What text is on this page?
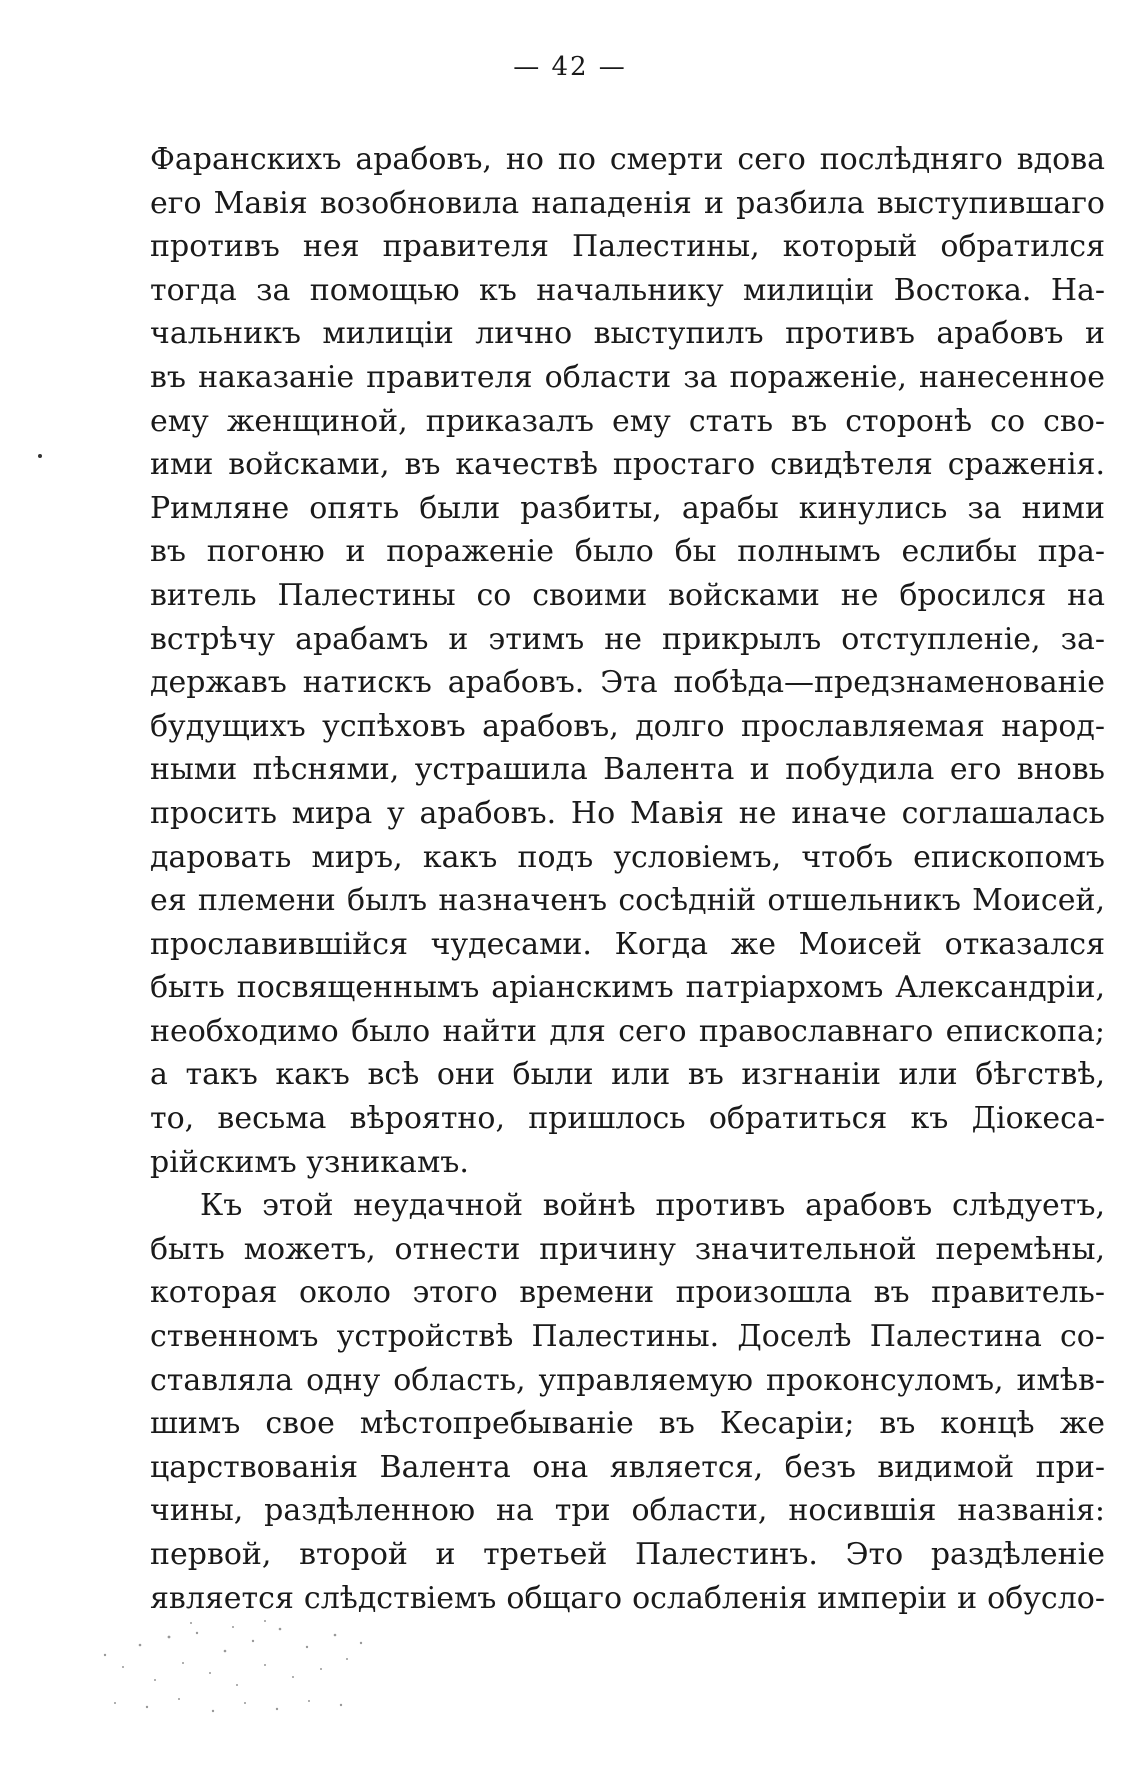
— 42 —
Фаранскихъ арабовъ, но по смерти сего послѣдняго вдова
его Мавія возобновила нападенія и разбила выступившаго
противъ нея правителя Палестины, который обратился
тогда за помощью къ начальнику милиціи Востока. На-
чальникъ милиціи лично выступилъ противъ арабовъ и
въ наказаніе правителя области за пораженіе, нанесенное
ему женщиной, приказалъ ему стать въ сторонѣ со сво-
ими войсками, въ качествѣ простаго свидѣтеля сраженія.
Римляне опять были разбиты, арабы кинулись за ними
въ погоню и пораженіе было бы полнымъ еслибы пра-
витель Палестины со своими войсками не бросился на
встрѣчу арабамъ и этимъ не прикрылъ отступленіе, за-
державъ натискъ арабовъ. Эта побѣда—предзнаменованіе
будущихъ успѣховъ арабовъ, долго прославляемая народ-
ными пѣснями, устрашила Валента и побудила его вновь
просить мира у арабовъ. Но Мавія не иначе соглашалась
даровать миръ, какъ подъ условіемъ, чтобъ епископомъ
ея племени былъ назначенъ сосѣдній отшельникъ Моисей,
прославившійся чудесами. Когда же Моисей отказался
быть посвященнымъ аріанскимъ патріархомъ Александріи,
необходимо было найти для сего православнаго епископа;
а такъ какъ всѣ они были или въ изгнаніи или бѣгствѣ,
то, весьма вѣроятно, пришлось обратиться къ Діокеса-
рійскимъ узникамъ.
Къ этой неудачной войнѣ противъ арабовъ слѣдуетъ,
быть можетъ, отнести причину значительной перемѣны,
которая около этого времени произошла въ правитель-
ственномъ устройствѣ Палестины. Доселѣ Палестина со-
ставляла одну область, управляемую проконсуломъ, имѣв-
шимъ свое мѣстопребываніе въ Кесаріи; въ концѣ же
царствованія Валента она является, безъ видимой при-
чины, раздѣленною на три области, носившія названія:
первой, второй и третьей Палестинъ. Это раздѣленіе
является слѣдствіемъ общаго ослабленія имперіи и обусло-
